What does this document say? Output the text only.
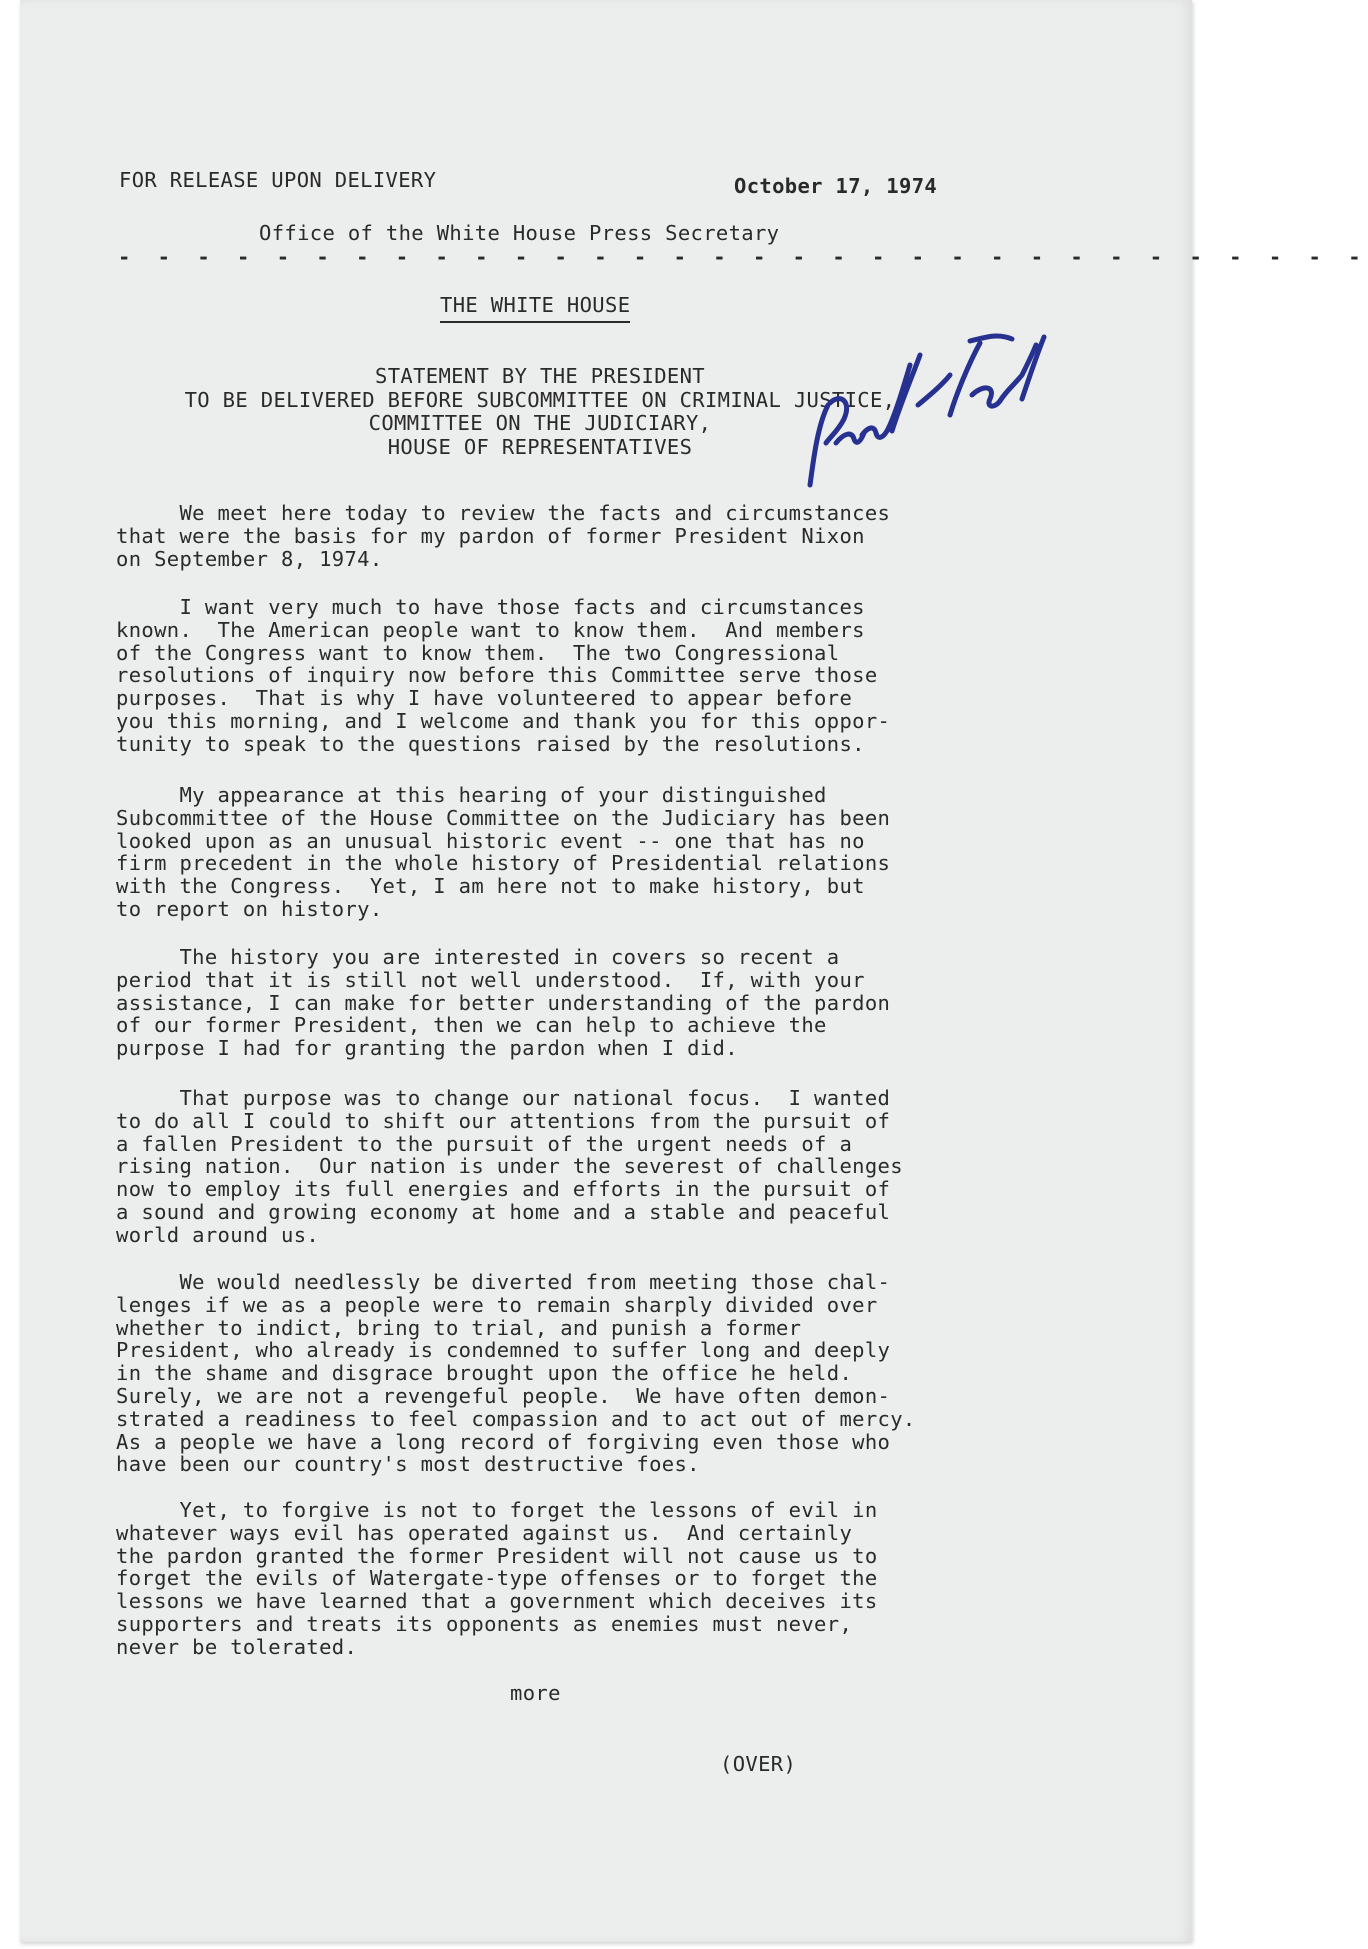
FOR RELEASE UPON DELIVERY	October 17, 1974
Office of the White House Press Secretary
- - - - - - - - - - - - - - - - - - - - - - - - - - - - - - - -
THE WHITE HOUSE
STATEMENT BY THE PRESIDENT
TO BE DELIVERED BEFORE SUBCOMMITTEE ON CRIMINAL JUSTICE,
COMMITTEE ON THE JUDICIARY,
HOUSE OF REPRESENTATIVES
Gerald Ford
We meet here today to review the facts and circumstances
that were the basis for my pardon of former President Nixon
on September 8, 1974.
I want very much to have those facts and circumstances
known.  The American people want to know them.  And members
of the Congress want to know them.  The two Congressional
resolutions of inquiry now before this Committee serve those
purposes.  That is why I have volunteered to appear before
you this morning, and I welcome and thank you for this oppor-
tunity to speak to the questions raised by the resolutions.
My appearance at this hearing of your distinguished
Subcommittee of the House Committee on the Judiciary has been
looked upon as an unusual historic event -- one that has no
firm precedent in the whole history of Presidential relations
with the Congress.  Yet, I am here not to make history, but
to report on history.
The history you are interested in covers so recent a
period that it is still not well understood.  If, with your
assistance, I can make for better understanding of the pardon
of our former President, then we can help to achieve the
purpose I had for granting the pardon when I did.
That purpose was to change our national focus.  I wanted
to do all I could to shift our attentions from the pursuit of
a fallen President to the pursuit of the urgent needs of a
rising nation.  Our nation is under the severest of challenges
now to employ its full energies and efforts in the pursuit of
a sound and growing economy at home and a stable and peaceful
world around us.
We would needlessly be diverted from meeting those chal-
lenges if we as a people were to remain sharply divided over
whether to indict, bring to trial, and punish a former
President, who already is condemned to suffer long and deeply
in the shame and disgrace brought upon the office he held.
Surely, we are not a revengeful people.  We have often demon-
strated a readiness to feel compassion and to act out of mercy.
As a people we have a long record of forgiving even those who
have been our country's most destructive foes.
Yet, to forgive is not to forget the lessons of evil in
whatever ways evil has operated against us.  And certainly
the pardon granted the former President will not cause us to
forget the evils of Watergate-type offenses or to forget the
lessons we have learned that a government which deceives its
supporters and treats its opponents as enemies must never,
never be tolerated.
more
(OVER)
